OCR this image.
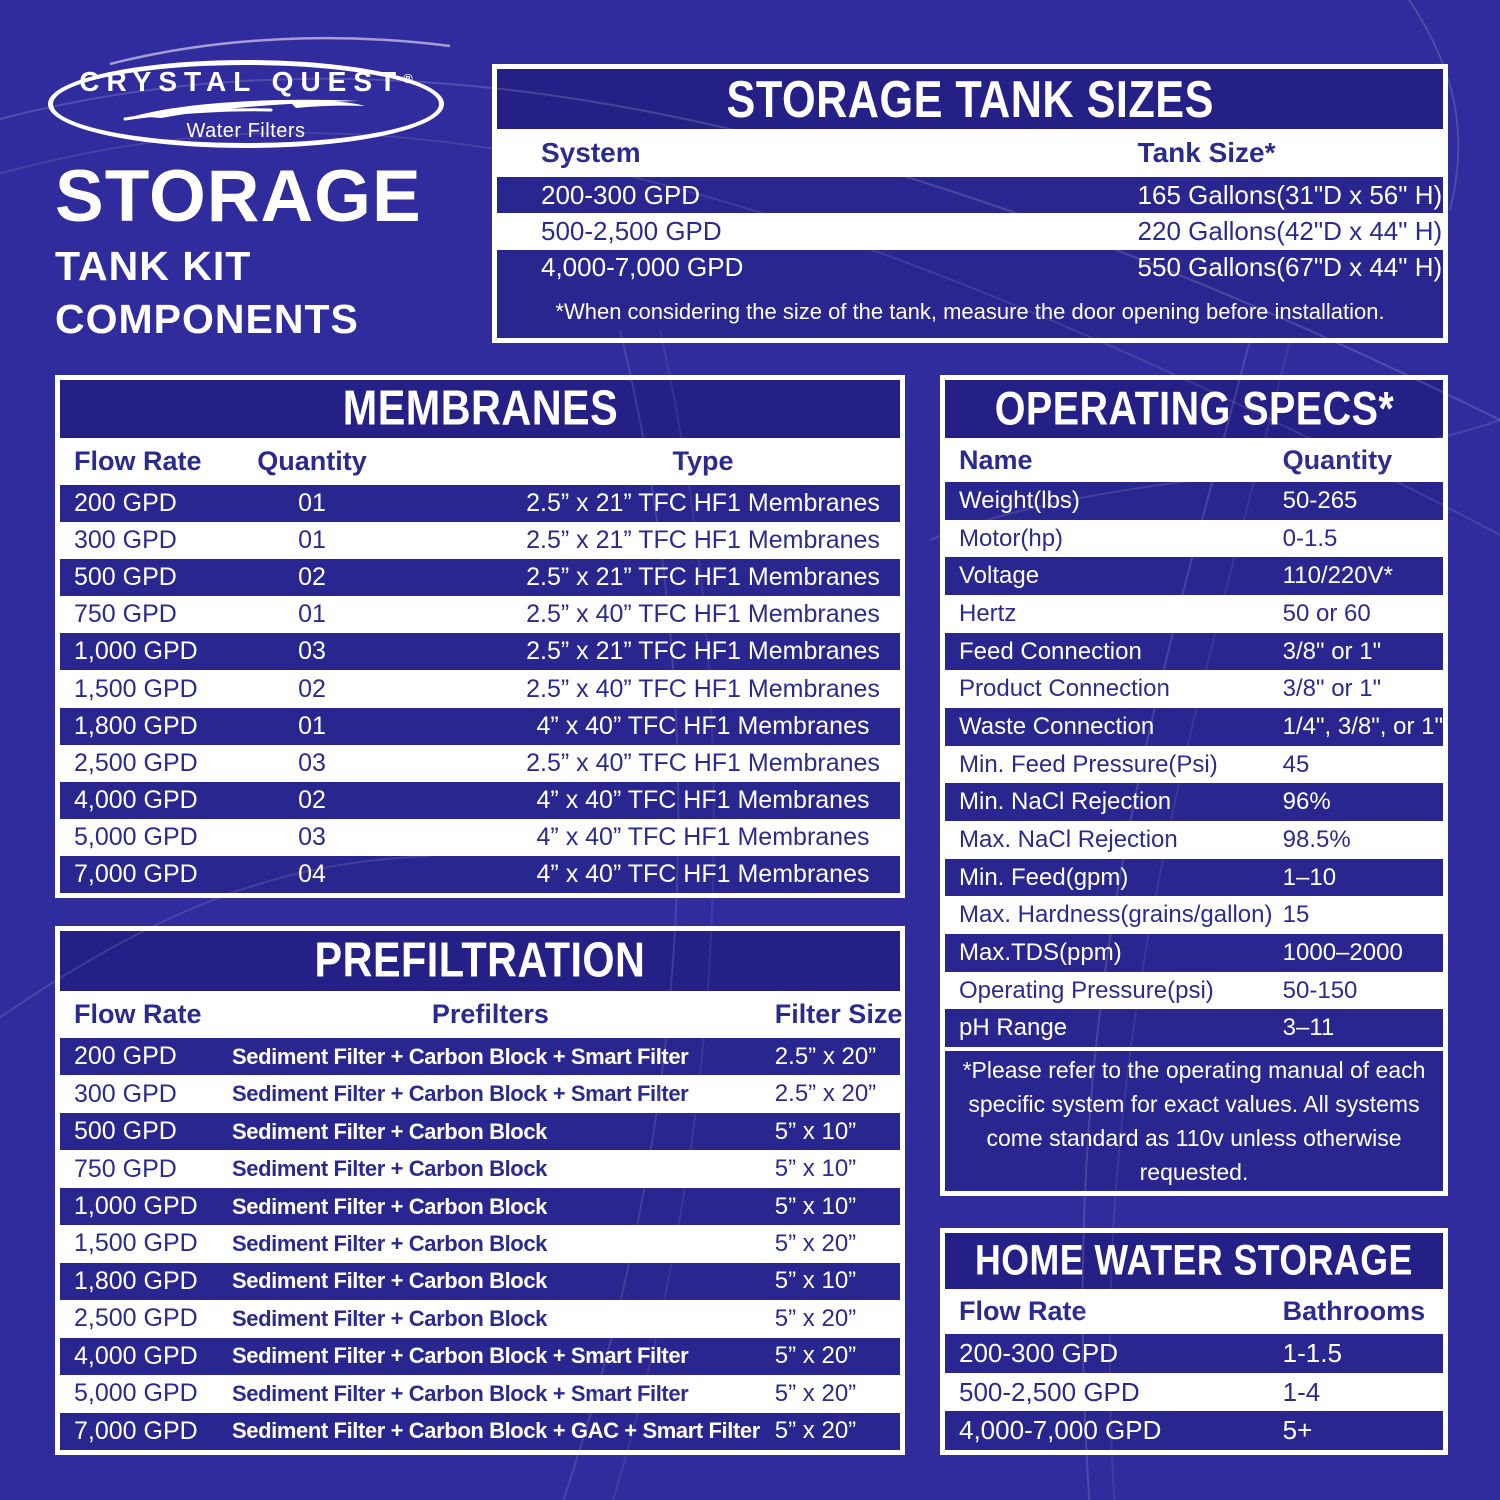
CRYSTAL QUEST®
Water Filters
STORAGE
TANK KIT
COMPONENTS
STORAGE TANK SIZES
System	Tank Size*
200-300 GPD	165 Gallons(31"D x 56" H)
500-2,500 GPD	220 Gallons(42"D x 44" H)
4,000-7,000 GPD	550 Gallons(67"D x 44" H)
*When considering the size of the tank, measure the door opening before installation.
MEMBRANES
Flow Rate	Quantity	Type
200 GPD	01	2.5” x 21” TFC HF1 Membranes
300 GPD	01	2.5” x 21” TFC HF1 Membranes
500 GPD	02	2.5” x 21” TFC HF1 Membranes
750 GPD	01	2.5” x 40” TFC HF1 Membranes
1,000 GPD	03	2.5” x 21” TFC HF1 Membranes
1,500 GPD	02	2.5” x 40” TFC HF1 Membranes
1,800 GPD	01	4” x 40” TFC HF1 Membranes
2,500 GPD	03	2.5” x 40” TFC HF1 Membranes
4,000 GPD	02	4” x 40” TFC HF1 Membranes
5,000 GPD	03	4” x 40” TFC HF1 Membranes
7,000 GPD	04	4” x 40” TFC HF1 Membranes
OPERATING SPECS*
Name	Quantity
Weight(lbs)	50-265
Motor(hp)	0-1.5
Voltage	110/220V*
Hertz	50 or 60
Feed Connection	3/8" or 1"
Product Connection	3/8" or 1"
Waste Connection	1/4", 3/8", or 1"
Min. Feed Pressure(Psi)	45
Min. NaCl Rejection	96%
Max. NaCl Rejection	98.5%
Min. Feed(gpm)	1–10
Max. Hardness(grains/gallon) 15
Max.TDS(ppm)	1000–2000
Operating Pressure(psi)	50-150
pH Range	3–11
*Please refer to the operating manual of each specific system for exact values. All systems come standard as 110v unless otherwise requested.
PREFILTRATION
Flow Rate	Prefilters	Filter Size
200 GPD	Sediment Filter + Carbon Block + Smart Filter	2.5” x 20”
300 GPD	Sediment Filter + Carbon Block + Smart Filter	2.5” x 20”
500 GPD	Sediment Filter + Carbon Block	5” x 10”
750 GPD	Sediment Filter + Carbon Block	5” x 10”
1,000 GPD	Sediment Filter + Carbon Block	5” x 10”
1,500 GPD	Sediment Filter + Carbon Block	5” x 20”
1,800 GPD	Sediment Filter + Carbon Block	5” x 10”
2,500 GPD	Sediment Filter + Carbon Block	5” x 20”
4,000 GPD	Sediment Filter + Carbon Block + Smart Filter	5” x 20”
5,000 GPD	Sediment Filter + Carbon Block + Smart Filter	5” x 20”
7,000 GPD	Sediment Filter + Carbon Block + GAC + Smart Filter 5” x 20”
HOME WATER STORAGE
Flow Rate	Bathrooms
200-300 GPD	1-1.5
500-2,500 GPD	1-4
4,000-7,000 GPD	5+
